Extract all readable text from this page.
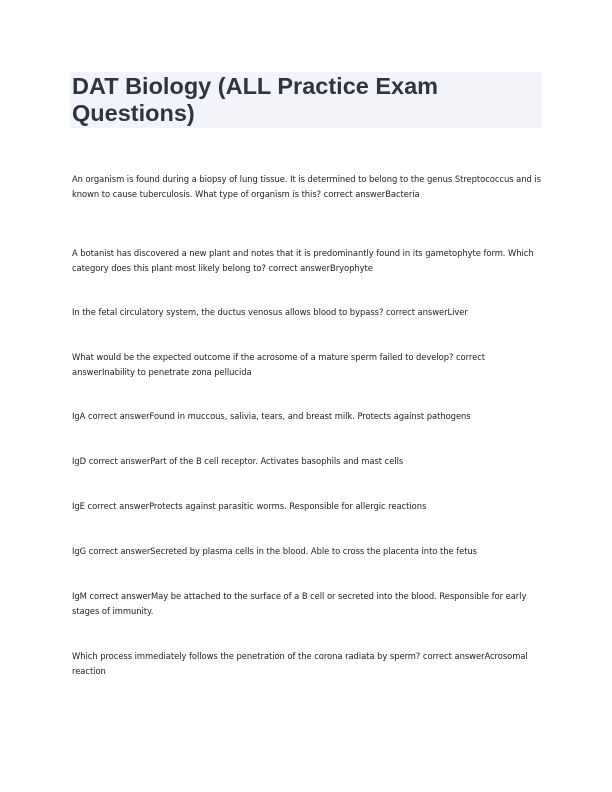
DAT Biology (ALL Practice Exam Questions)

An organism is found during a biopsy of lung tissue. It is determined to belong to the genus Streptococcus and is known to cause tuberculosis. What type of organism is this? correct answerBacteria

A botanist has discovered a new plant and notes that it is predominantly found in its gametophyte form. Which category does this plant most likely belong to? correct answerBryophyte

In the fetal circulatory system, the ductus venosus allows blood to bypass? correct answerLiver

What would be the expected outcome if the acrosome of a mature sperm failed to develop? correct answerInability to penetrate zona pellucida

IgA correct answerFound in muccous, salivia, tears, and breast milk. Protects against pathogens

IgD correct answerPart of the B cell receptor. Activates basophils and mast cells

IgE correct answerProtects against parasitic worms. Responsible for allergic reactions

IgG correct answerSecreted by plasma cells in the blood. Able to cross the placenta into the fetus

IgM correct answerMay be attached to the surface of a B cell or secreted into the blood. Responsible for early stages of immunity.

Which process immediately follows the penetration of the corona radiata by sperm? correct answerAcrosomal reaction
